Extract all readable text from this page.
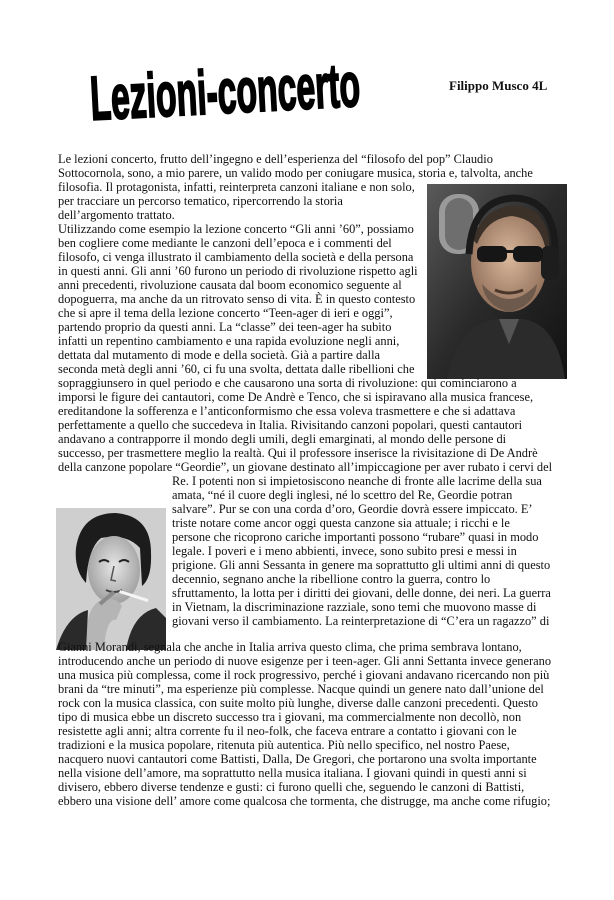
Lezioni-concerto
Filippo Musco 4L
Le lezioni concerto, frutto dell’ingegno e dell’esperienza del “filosofo del pop” Claudio
Sottocornola, sono, a mio parere, un valido modo per coniugare musica, storia e, talvolta, anche
filosofia. Il protagonista, infatti, reinterpreta canzoni italiane e non solo,
per tracciare un percorso tematico, ripercorrendo la storia
dell’argomento trattato.
Utilizzando come esempio la lezione concerto “Gli anni ’60”, possiamo
ben cogliere come mediante le canzoni dell’epoca e i commenti del
filosofo, ci venga illustrato il cambiamento della società e della persona
in questi anni. Gli anni ’60 furono un periodo di rivoluzione rispetto agli
anni precedenti, rivoluzione causata dal boom economico seguente al
dopoguerra, ma anche da un ritrovato senso di vita. È in questo contesto
che si apre il tema della lezione concerto “Teen-ager di ieri e oggi”,
partendo proprio da questi anni. La “classe” dei teen-ager ha subito
infatti un repentino cambiamento e una rapida evoluzione negli anni,
dettata dal mutamento di mode e della società. Già a partire dalla
seconda metà degli anni ’60, ci fu una svolta, dettata dalle ribellioni che
sopraggiunsero in quel periodo e che causarono una sorta di rivoluzione: qui cominciarono a
imporsi le figure dei cantautori, come De Andrè e Tenco, che si ispiravano alla musica francese,
ereditandone la sofferenza e l’anticonformismo che essa voleva trasmettere e che si adattava
perfettamente a quello che succedeva in Italia. Rivisitando canzoni popolari, questi cantautori
andavano a contrapporre il mondo degli umili, degli emarginati, al mondo delle persone di
successo, per trasmettere meglio la realtà. Qui il professore inserisce la rivisitazione di De Andrè
della canzone popolare “Geordie”, un giovane destinato all’impiccagione per aver rubato i cervi del
Re. I potenti non si impietosiscono neanche di fronte alle lacrime della sua
amata, “né il cuore degli inglesi, né lo scettro del Re, Geordie potran
salvare”. Pur se con una corda d’oro, Geordie dovrà essere impiccato. E’
triste notare come ancor oggi questa canzone sia attuale; i ricchi e le
persone che ricoprono cariche importanti possono “rubare” quasi in modo
legale. I poveri e i meno abbienti, invece, sono subito presi e messi in
prigione. Gli anni Sessanta in genere ma soprattutto gli ultimi anni di questo
decennio, segnano anche la ribellione contro la guerra, contro lo
sfruttamento, la lotta per i diritti dei giovani, delle donne, dei neri. La guerra
in Vietnam, la discriminazione razziale, sono temi che muovono masse di
giovani verso il cambiamento. La reinterpretazione di “C’era un ragazzo” di
Gianni Morandi, segnala che anche in Italia arriva questo clima, che prima sembrava lontano,
introducendo anche un periodo di nuove esigenze per i teen-ager. Gli anni Settanta invece generano
una musica più complessa, come il rock progressivo, perché i giovani andavano ricercando non più
brani da “tre minuti”, ma esperienze più complesse. Nacque quindi un genere nato dall’unione del
rock con la musica classica, con suite molto più lunghe, diverse dalle canzoni precedenti. Questo
tipo di musica ebbe un discreto successo tra i giovani, ma commercialmente non decollò, non
resistette agli anni; altra corrente fu il neo-folk, che faceva entrare a contatto i giovani con le
tradizioni e la musica popolare, ritenuta più autentica. Più nello specifico, nel nostro Paese,
nacquero nuovi cantautori come Battisti, Dalla, De Gregori, che portarono una svolta importante
nella visione dell’amore, ma soprattutto nella musica italiana. I giovani quindi in questi anni si
divisero, ebbero diverse tendenze e gusti: ci furono quelli che, seguendo le canzoni di Battisti,
ebbero una visione dell’ amore come qualcosa che tormenta, che distrugge, ma anche come rifugio;
